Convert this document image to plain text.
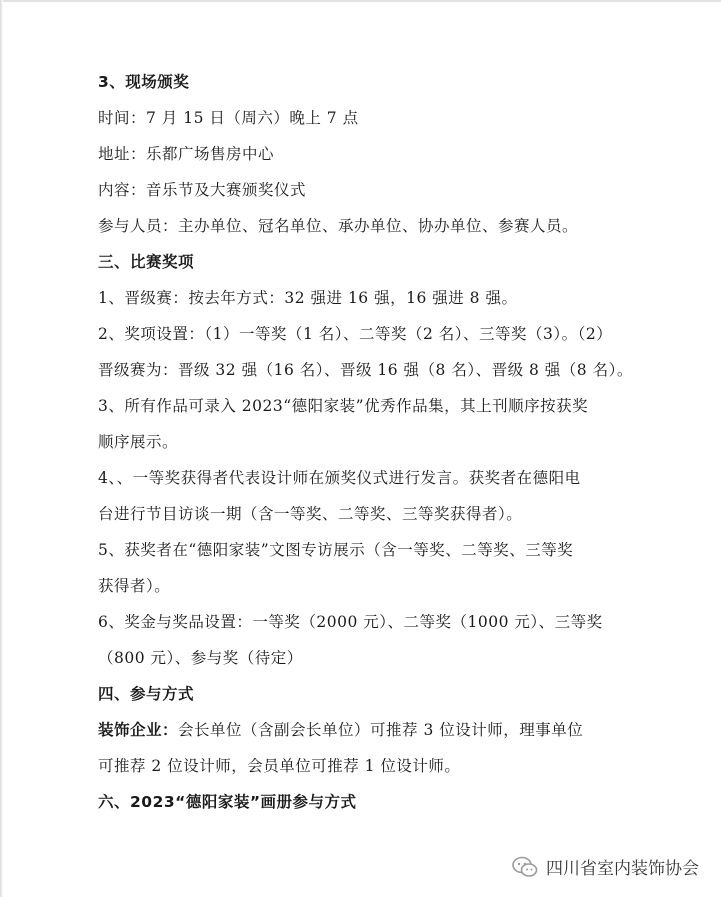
3、现场颁奖
时间：7 月 15 日（周六）晚上 7 点
地址：乐都广场售房中心
内容：音乐节及大赛颁奖仪式
参与人员：主办单位、冠名单位、承办单位、协办单位、参赛人员。
三、比赛奖项
1、晋级赛：按去年方式：32 强进 16 强，16 强进 8 强。
2、奖项设置：（1）一等奖（1 名）、二等奖（2 名）、三等奖（3）。（2）
晋级赛为：晋级 32 强（16 名）、晋级 16 强（8 名）、晋级 8 强（8 名）。
3、所有作品可录入 2023“德阳家装”优秀作品集，其上刊顺序按获奖
顺序展示。
4、、一等奖获得者代表设计师在颁奖仪式进行发言。获奖者在德阳电
台进行节目访谈一期（含一等奖、二等奖、三等奖获得者）。
5、获奖者在“德阳家装”文图专访展示（含一等奖、二等奖、三等奖
获得者）。
6、奖金与奖品设置：一等奖（2000 元）、二等奖（1000 元）、三等奖
（800 元）、参与奖（待定）
四、参与方式
装饰企业：会长单位（含副会长单位）可推荐 3 位设计师，理事单位
可推荐 2 位设计师，会员单位可推荐 1 位设计师。
六、2023“德阳家装”画册参与方式
四川省室内装饰协会
